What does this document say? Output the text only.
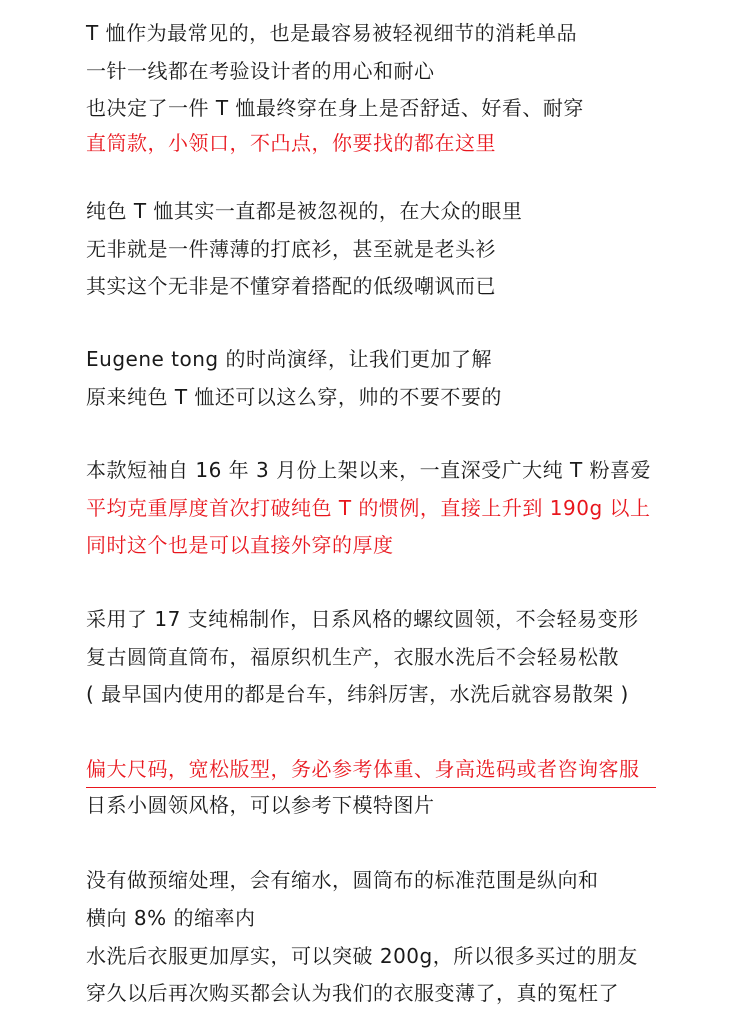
T 恤作为最常见的，也是最容易被轻视细节的消耗单品
一针一线都在考验设计者的用心和耐心
也决定了一件 T 恤最终穿在身上是否舒适、好看、耐穿
直筒款，小领口，不凸点，你要找的都在这里
纯色 T 恤其实一直都是被忽视的，在大众的眼里
无非就是一件薄薄的打底衫，甚至就是老头衫
其实这个无非是不懂穿着搭配的低级嘲讽而已
Eugene tong 的时尚演绎，让我们更加了解
原来纯色 T 恤还可以这么穿，帅的不要不要的
本款短袖自 16 年 3 月份上架以来，一直深受广大纯 T 粉喜爱
平均克重厚度首次打破纯色 T 的惯例，直接上升到 190g 以上
同时这个也是可以直接外穿的厚度
采用了 17 支纯棉制作，日系风格的螺纹圆领，不会轻易变形
复古圆筒直筒布，福原织机生产，衣服水洗后不会轻易松散
( 最早国内使用的都是台车，纬斜厉害，水洗后就容易散架 )
偏大尺码，宽松版型，务必参考体重、身高选码或者咨询客服
日系小圆领风格，可以参考下模特图片
没有做预缩处理，会有缩水，圆筒布的标准范围是纵向和
横向 8% 的缩率内
水洗后衣服更加厚实，可以突破 200g，所以很多买过的朋友
穿久以后再次购买都会认为我们的衣服变薄了，真的冤枉了
